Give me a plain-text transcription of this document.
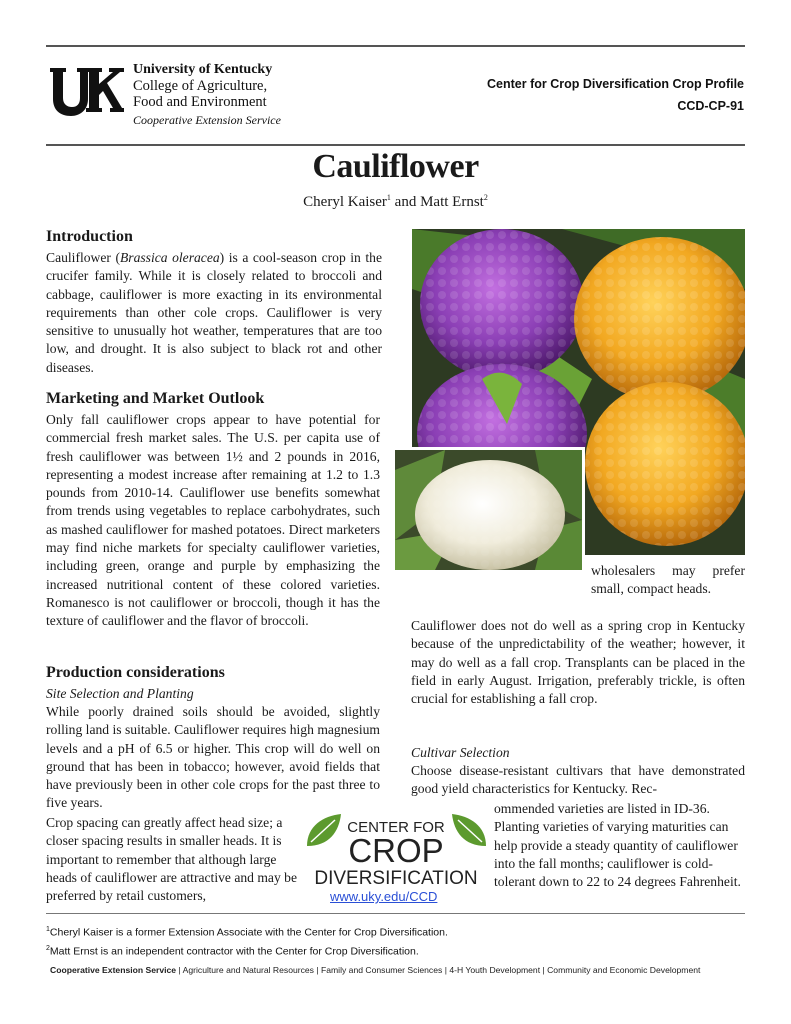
University of Kentucky
College of Agriculture,
Food and Environment
Cooperative Extension Service
Center for Crop Diversification Crop Profile
CCD-CP-91
Cauliflower
Cheryl Kaiser$^1$ and Matt Ernst$^2$
Introduction

Cauliflower (Brassica oleracea) is a cool-season crop in the crucifer family. While it is closely related to broccoli and cabbage, cauliflower is more exacting in its environmental requirements than other cole crops. Cauliflower is very sensitive to unusually hot weather, temperatures that are too low, and drought. It is also subject to black rot and other diseases.

Marketing and Market Outlook

Only fall cauliflower crops appear to have potential for commercial fresh market sales. The U.S. per capita use of fresh cauliflower was between 1½ and 2 pounds in 2016, representing a modest increase after remaining at 1.2 to 1.3 pounds from 2010-14. Cauliflower use benefits somewhat from trends using vegetables to replace carbohydrates, such as mashed cauliflower for mashed potatoes. Direct marketers may find niche markets for specialty cauliflower varieties, including green, orange and purple by emphasizing the increased nutritional content of these colored varieties. Romanesco is not cauliflower or broccoli, though it has the texture of cauliflower and the flavor of broccoli.

Production considerations
Site Selection and Planting

While poorly drained soils should be avoided, slightly rolling land is suitable. Cauliflower requires high magnesium levels and a pH of 6.5 or higher. This crop will do well on ground that has been in tobacco; however, avoid fields that have previously been in other cole crops for the past three to five years.

Crop spacing can greatly affect head size; a closer spacing results in smaller heads. It is important to remember that although large heads of cauliflower are attractive and may be preferred by retail customers,

wholesalers may prefer small, compact heads.

Cauliflower does not do well as a spring crop in Kentucky because of the unpredictability of the weather; however, it may do well as a fall crop. Transplants can be placed in the field in early August. Irrigation, preferably trickle, is often crucial for establishing a fall crop.

Cultivar Selection

Choose disease-resistant cultivars that have demonstrated good yield characteristics for Kentucky. Rec-

ommended varieties are listed in ID-36. Planting varieties of varying maturities can help provide a steady quantity of cauliflower into the fall months; cauliflower is cold-tolerant down to 22 to 24 degrees Fahrenheit.

CENTER FOR
CROP
DIVERSIFICATION
www.uky.edu/CCD
$^1$Cheryl Kaiser is a former Extension Associate with the Center for Crop Diversification.
$^2$Matt Ernst is an independent contractor with the Center for Crop Diversification.
Cooperative Extension Service | Agriculture and Natural Resources | Family and Consumer Sciences | 4-H Youth Development | Community and Economic Development
